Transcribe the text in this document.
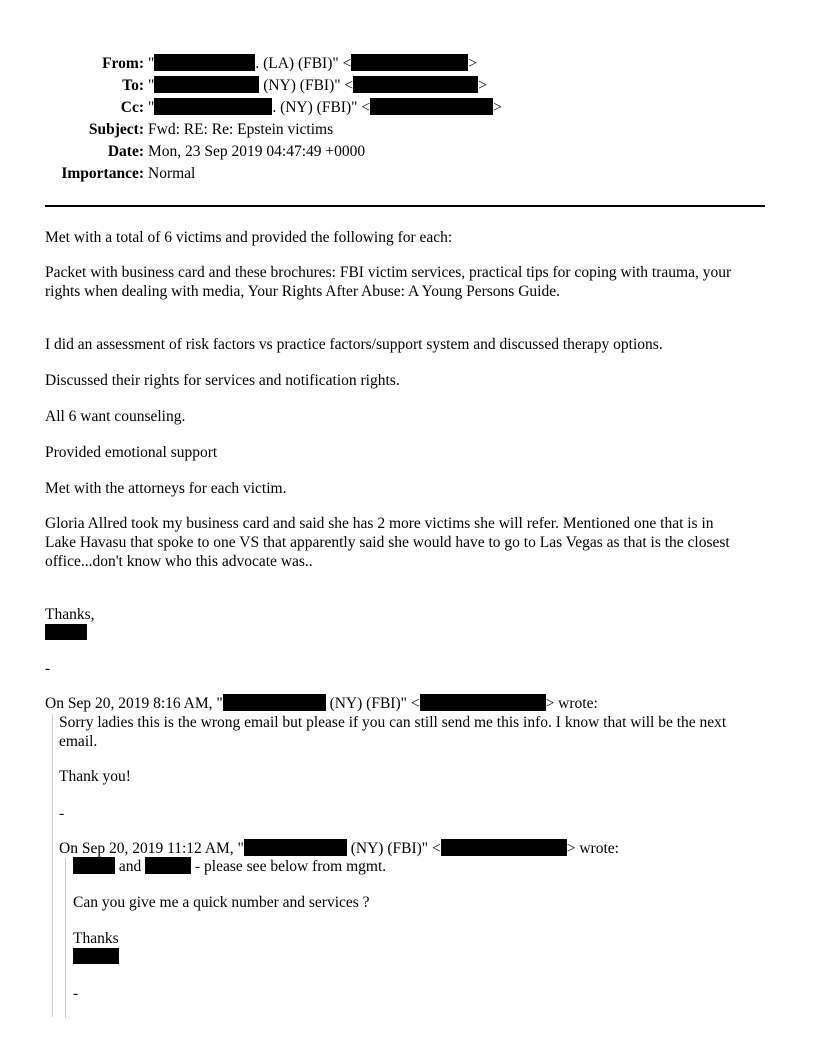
From: "	. (LA) (FBI)" <	>
To: "	(NY) (FBI)" <	>
Cc: "	. (NY) (FBI)" <	>
Subject: Fwd: RE: Re: Epstein victims
Date: Mon, 23 Sep 2019 04:47:49 +0000
Importance: Normal

Met with a total of 6 victims and provided the following for each:

Packet with business card and these brochures: FBI victim services, practical tips for coping with trauma, your

rights when dealing with media, Your Rights After Abuse: A Young Persons Guide.

I did an assessment of risk factors vs practice factors/support system and discussed therapy options.

Discussed their rights for services and notification rights.

All 6 want counseling.

Provided emotional support

Met with the attorneys for each victim.

Gloria Allred took my business card and said she has 2 more victims she will refer. Mentioned one that is in

Lake Havasu that spoke to one VS that apparently said she would have to go to Las Vegas as that is the closest

office...don't know who this advocate was..

Thanks,

-

On Sep 20, 2019 8:16 AM, "	(NY) (FBI)" <	> wrote:

Sorry ladies this is the wrong email but please if you can still send me this info. I know that will be the next

email.

Thank you!

-

On Sep 20, 2019 11:12 AM, "	(NY) (FBI)" <	> wrote:

and	- please see below from mgmt.

Can you give me a quick number and services ?

Thanks

-
